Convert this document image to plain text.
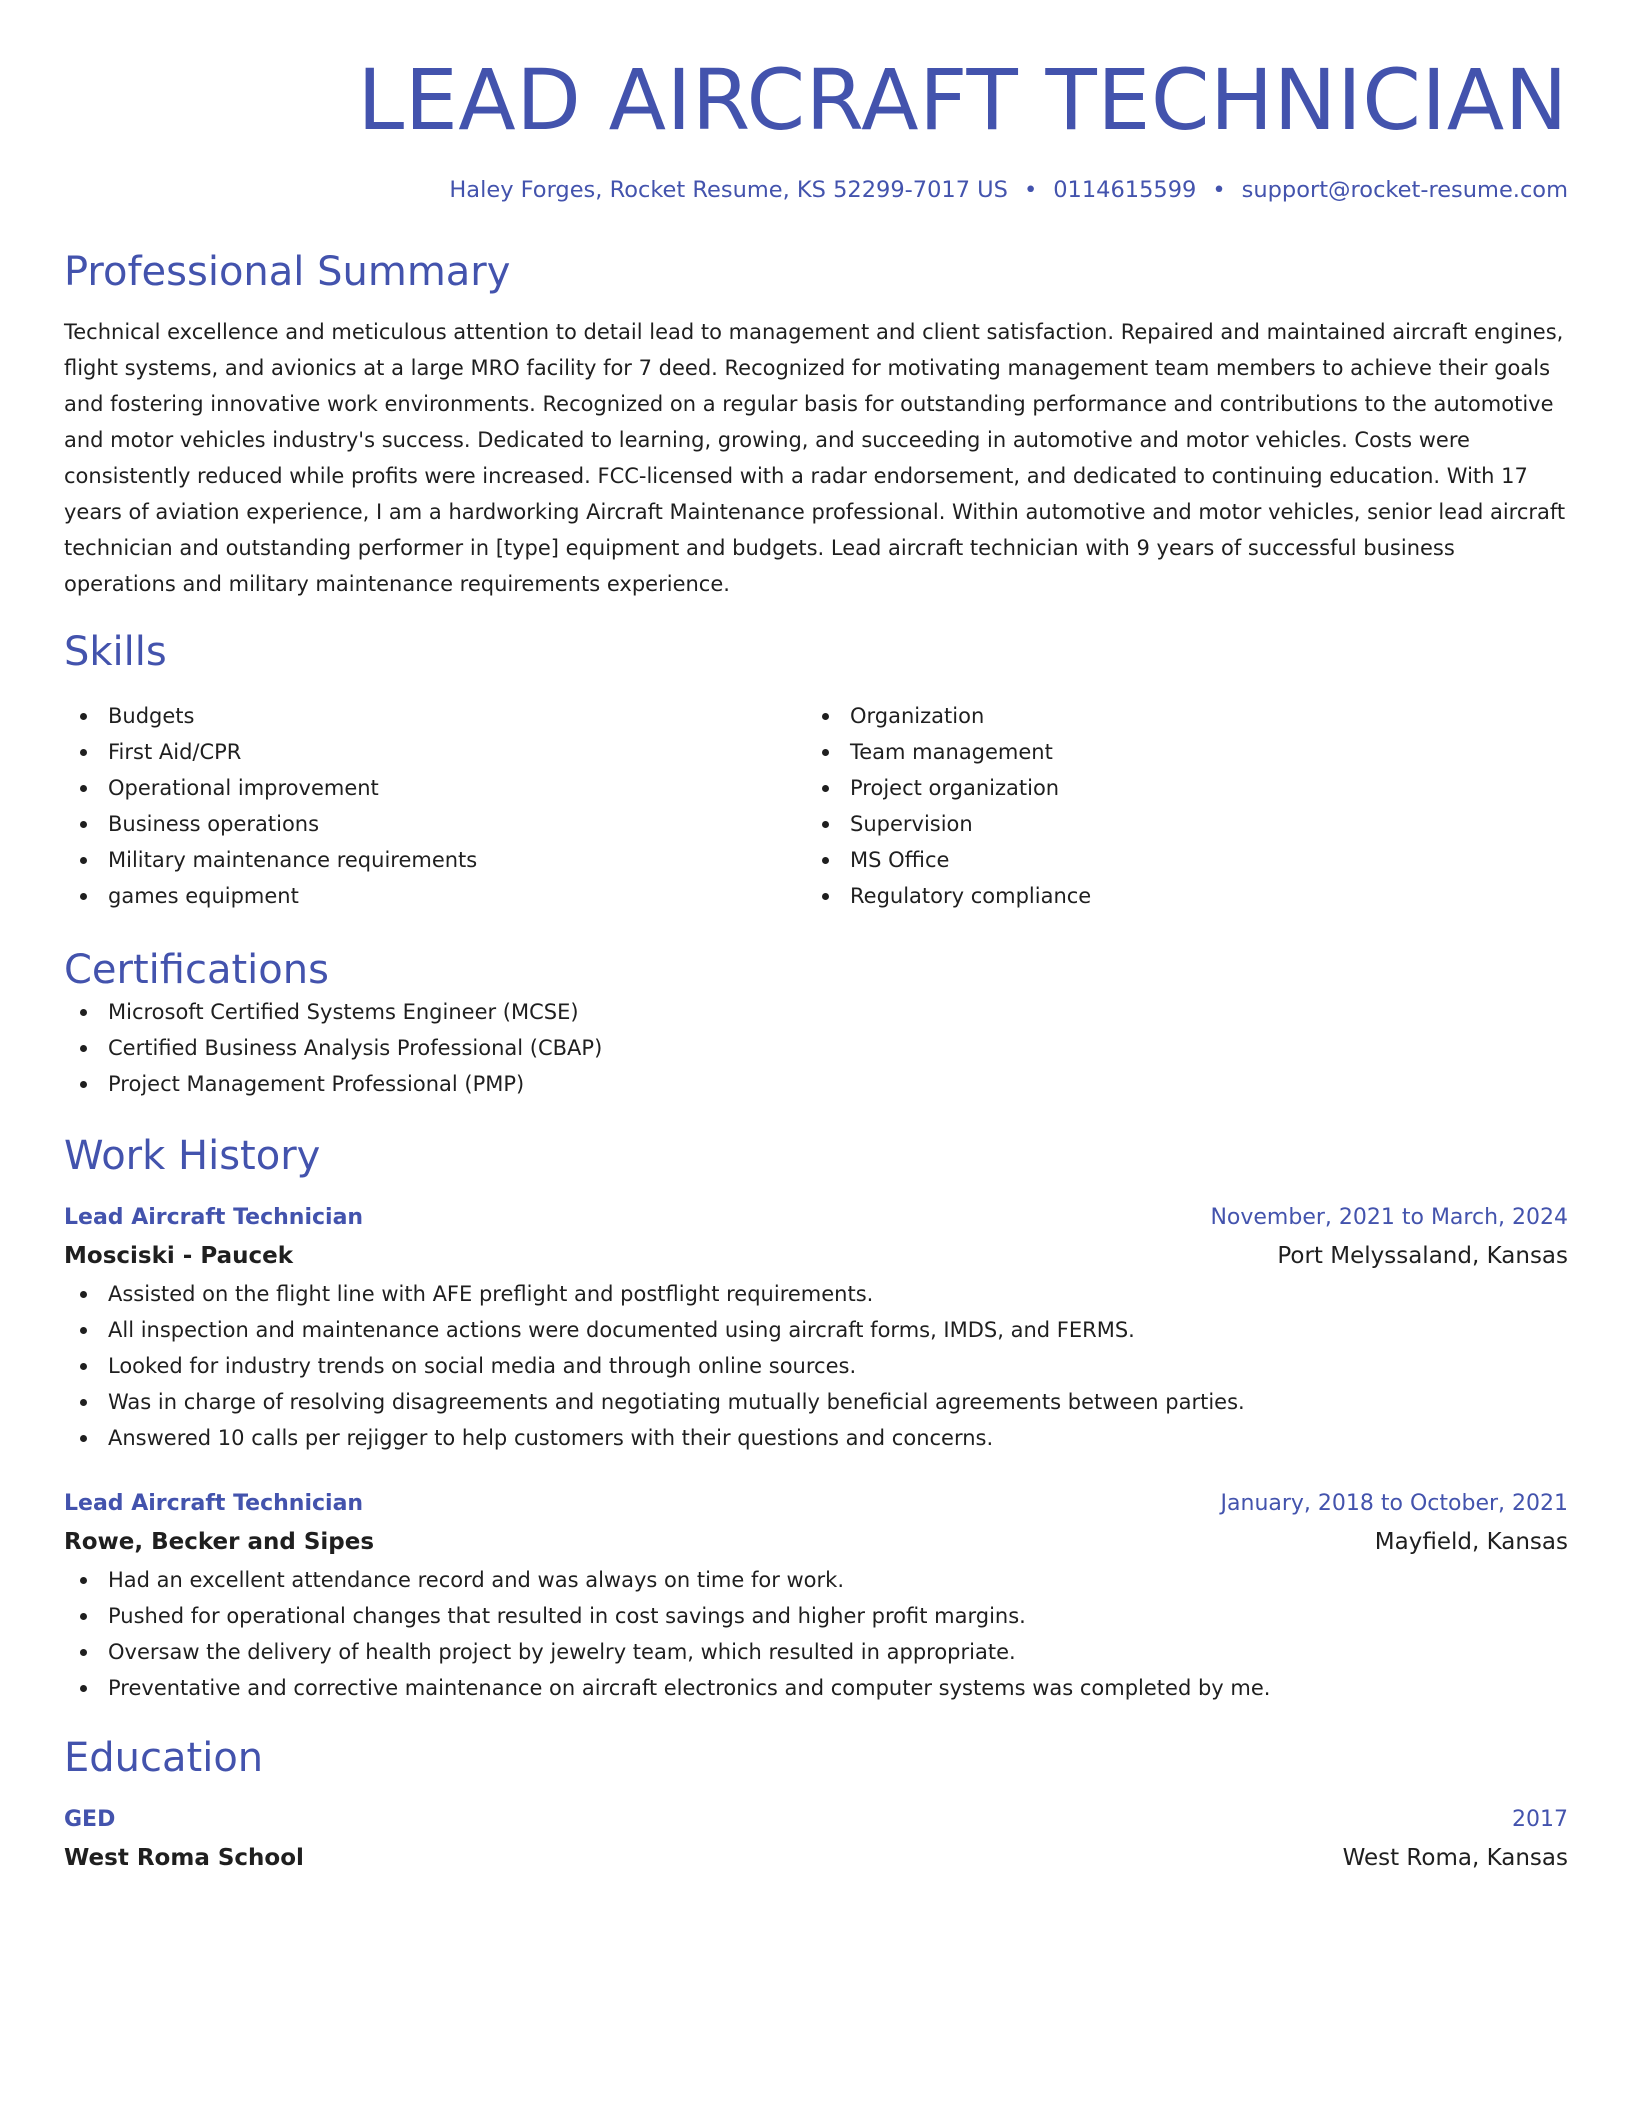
LEAD AIRCRAFT TECHNICIAN
Haley Forges, Rocket Resume, KS 52299-7017 US • 0114615599 • support@rocket-resume.com
Professional Summary

Technical excellence and meticulous attention to detail lead to management and client satisfaction. Repaired and maintained aircraft engines, flight systems, and avionics at a large MRO facility for 7 deed. Recognized for motivating management team members to achieve their goals and fostering innovative work environments. Recognized on a regular basis for outstanding performance and contributions to the automotive and motor vehicles industry's success. Dedicated to learning, growing, and succeeding in automotive and motor vehicles. Costs were consistently reduced while profits were increased. FCC-licensed with a radar endorsement, and dedicated to continuing education. With 17 years of aviation experience, I am a hardworking Aircraft Maintenance professional. Within automotive and motor vehicles, senior lead aircraft technician and outstanding performer in [type] equipment and budgets. Lead aircraft technician with 9 years of successful business operations and military maintenance requirements experience.

Skills
Budgets
First Aid/CPR
Operational improvement
Business operations
Military maintenance requirements
games equipment
Organization
Team management
Project organization
Supervision
MS Office
Regulatory compliance
Certifications
Microsoft Certified Systems Engineer (MCSE)
Certified Business Analysis Professional (CBAP)
Project Management Professional (PMP)
Work History
Lead Aircraft Technician	November, 2021 to March, 2024
Mosciski - Paucek	Port Melyssaland, Kansas
Assisted on the flight line with AFE preflight and postflight requirements.
All inspection and maintenance actions were documented using aircraft forms, IMDS, and FERMS.
Looked for industry trends on social media and through online sources.
Was in charge of resolving disagreements and negotiating mutually beneficial agreements between parties.
Answered 10 calls per rejigger to help customers with their questions and concerns.
Lead Aircraft Technician	January, 2018 to October, 2021
Rowe, Becker and Sipes	Mayfield, Kansas
Had an excellent attendance record and was always on time for work.
Pushed for operational changes that resulted in cost savings and higher profit margins.
Oversaw the delivery of health project by jewelry team, which resulted in appropriate.
Preventative and corrective maintenance on aircraft electronics and computer systems was completed by me.
Education
GED	2017
West Roma School	West Roma, Kansas
